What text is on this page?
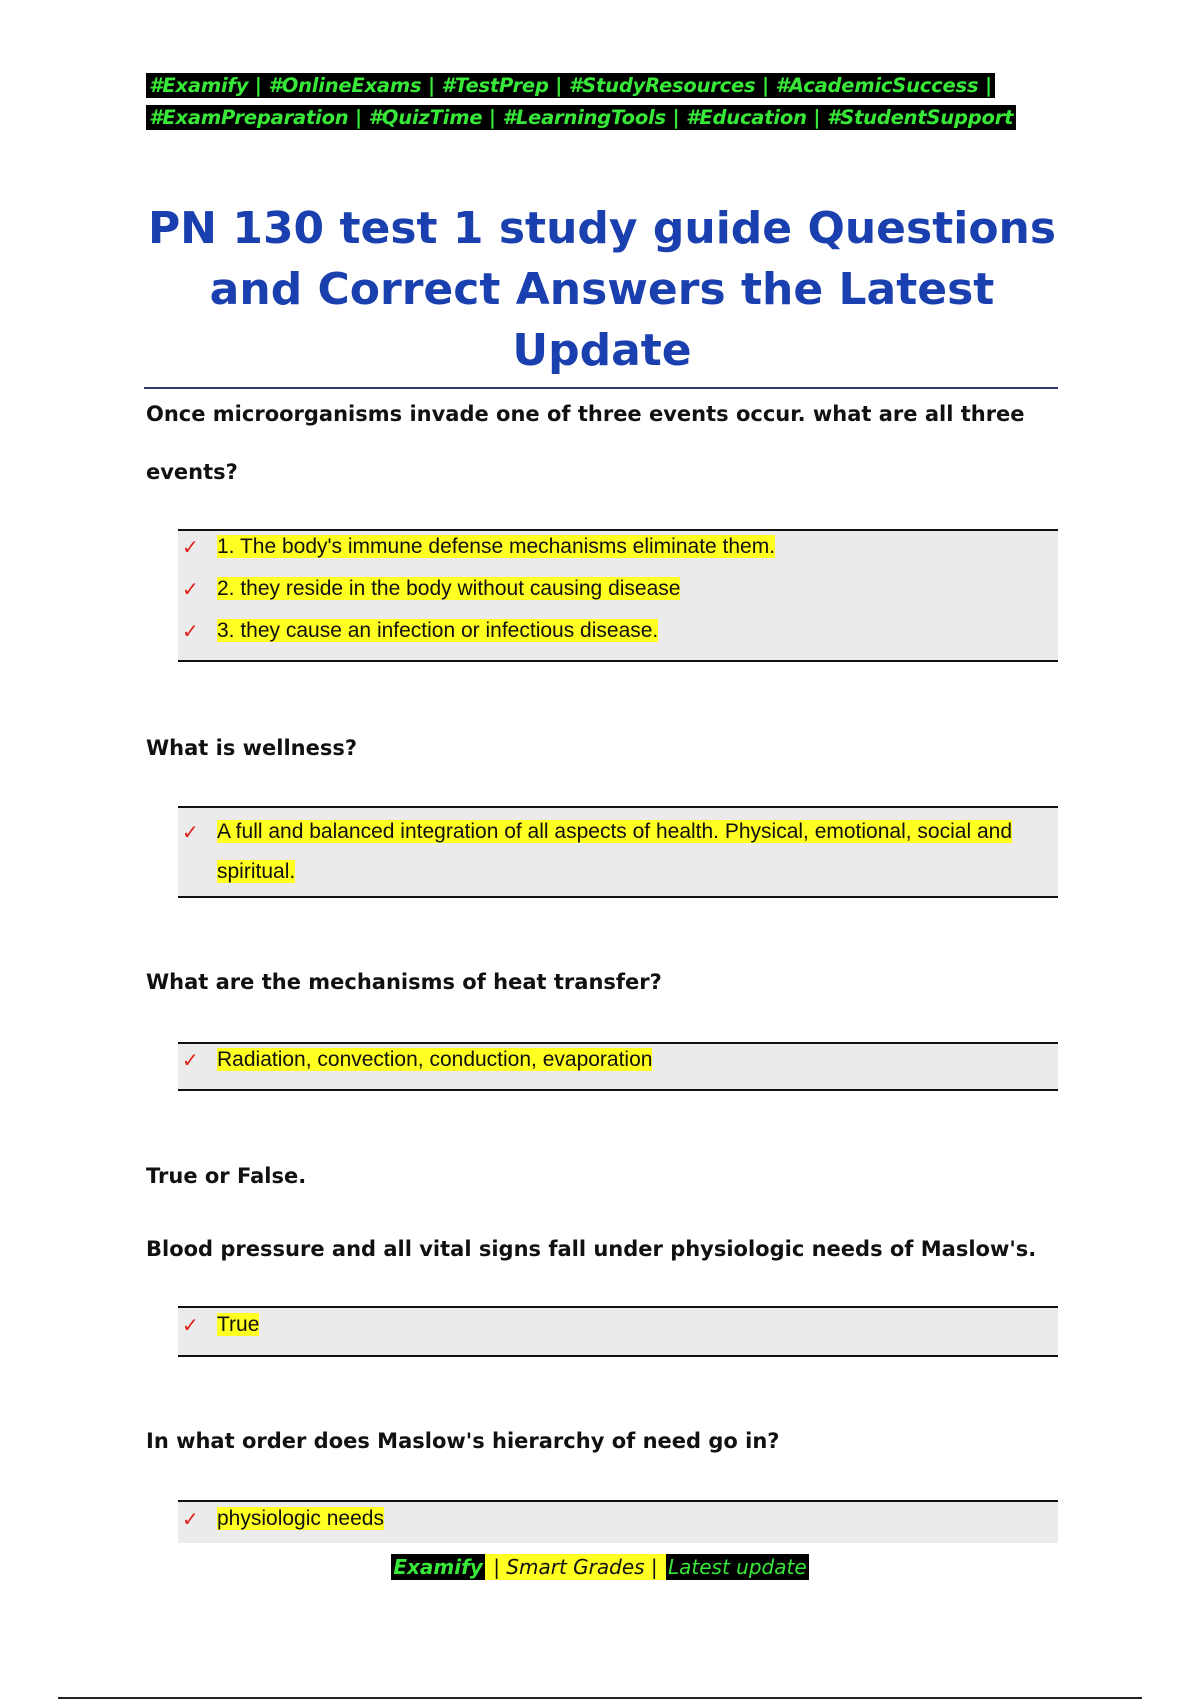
#Examify | #OnlineExams | #TestPrep | #StudyResources | #AcademicSuccess |
#ExamPreparation | #QuizTime | #LearningTools | #Education | #StudentSupport
PN 130 test 1 study guide Questions
and Correct Answers the Latest
Update
Once microorganisms invade one of three events occur. what are all three
events?
✓ 1. The body's immune defense mechanisms eliminate them.
✓ 2. they reside in the body without causing disease
✓ 3. they cause an infection or infectious disease.
What is wellness?
✓ A full and balanced integration of all aspects of health. Physical, emotional, social and
spiritual.
What are the mechanisms of heat transfer?
✓ Radiation, convection, conduction, evaporation
True or False.
Blood pressure and all vital signs fall under physiologic needs of Maslow's.
✓ True
In what order does Maslow's hierarchy of need go in?
✓ physiologic needs
Examify | Smart Grades | Latest update
